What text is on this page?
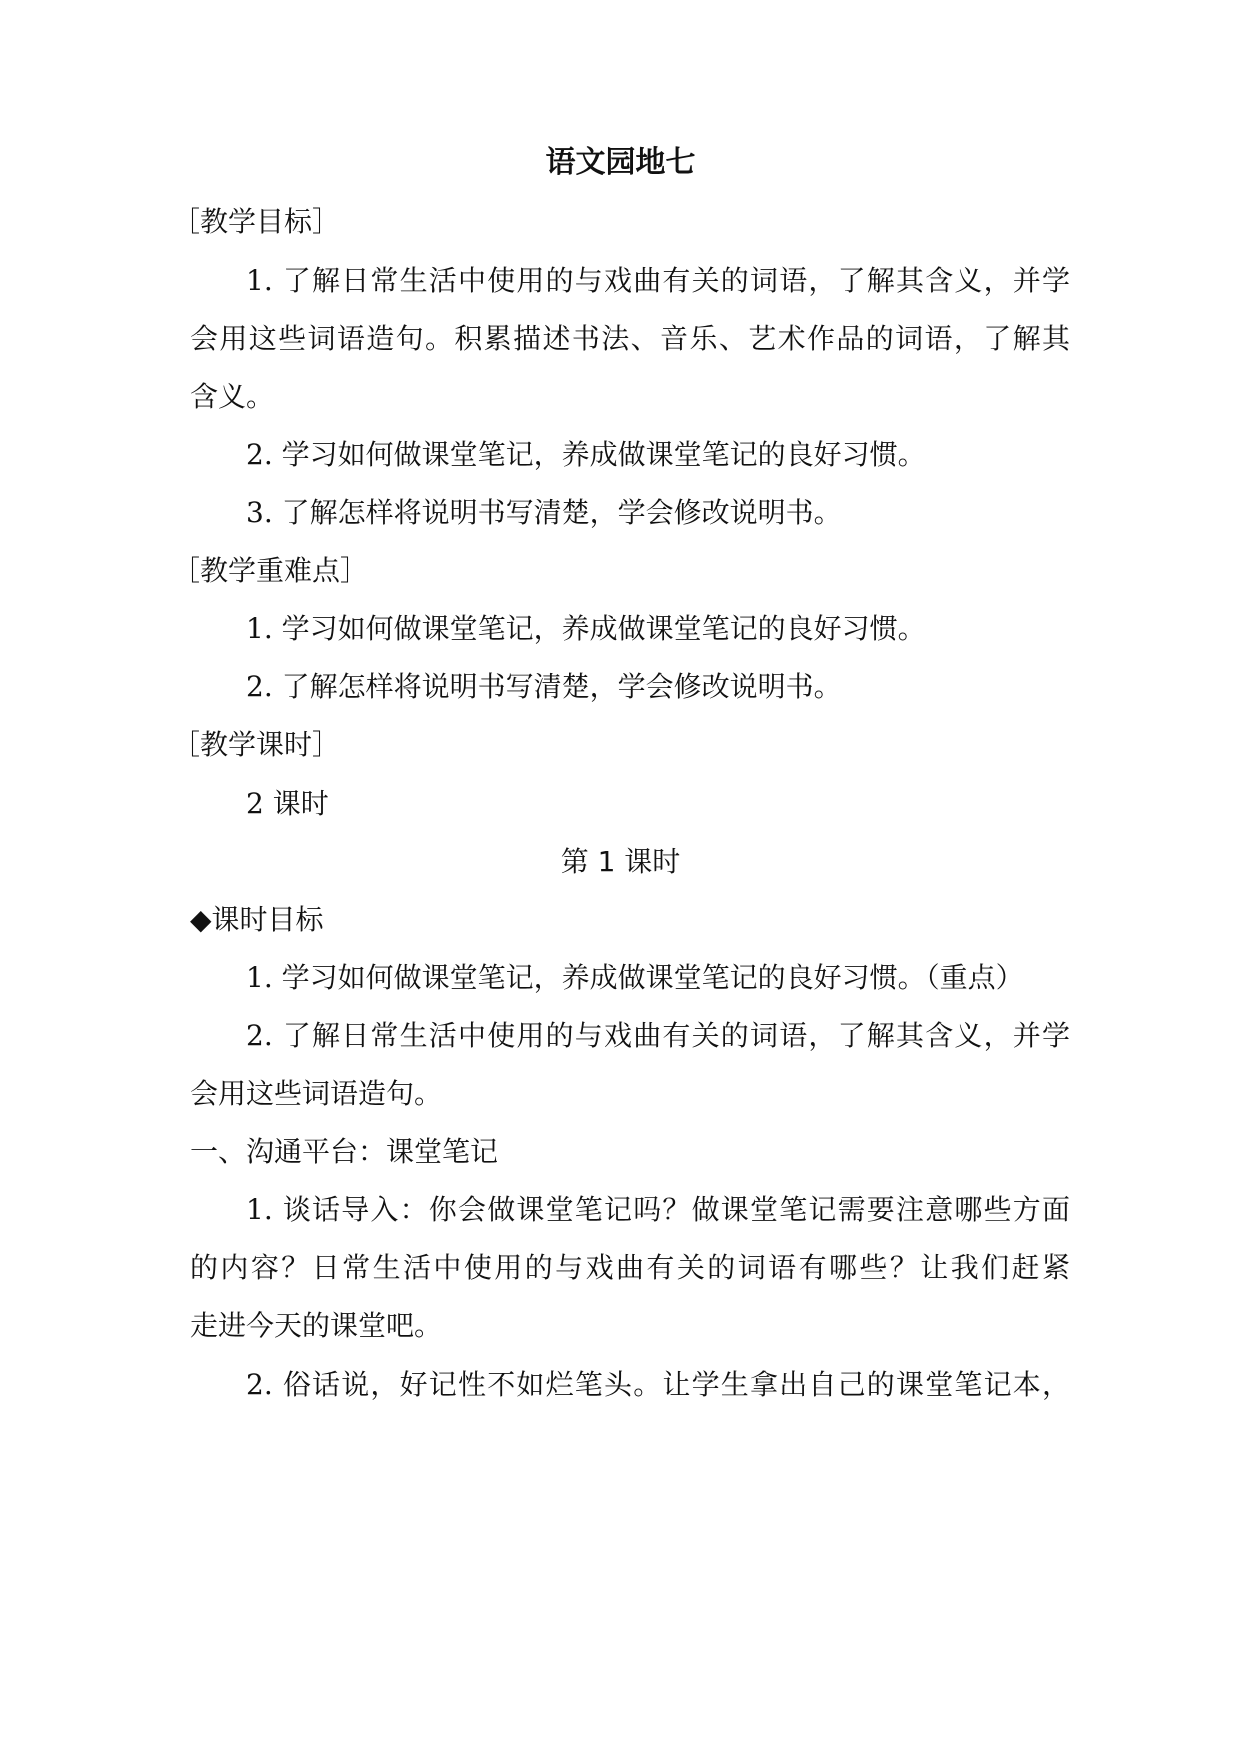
语文园地七
［教学目标］
1. 了解日常生活中使用的与戏曲有关的词语，了解其含义，并学
会用这些词语造句。积累描述书法、音乐、艺术作品的词语，了解其
含义。
2. 学习如何做课堂笔记，养成做课堂笔记的良好习惯。
3. 了解怎样将说明书写清楚，学会修改说明书。
［教学重难点］
1. 学习如何做课堂笔记，养成做课堂笔记的良好习惯。
2. 了解怎样将说明书写清楚，学会修改说明书。
［教学课时］
2 课时
第 1 课时
◆课时目标
1. 学习如何做课堂笔记，养成做课堂笔记的良好习惯。（重点）
2. 了解日常生活中使用的与戏曲有关的词语，了解其含义，并学
会用这些词语造句。
一、沟通平台：课堂笔记
1. 谈话导入：你会做课堂笔记吗？做课堂笔记需要注意哪些方面
的内容？日常生活中使用的与戏曲有关的词语有哪些？让我们赶紧
走进今天的课堂吧。
2. 俗话说，好记性不如烂笔头。让学生拿出自己的课堂笔记本，
